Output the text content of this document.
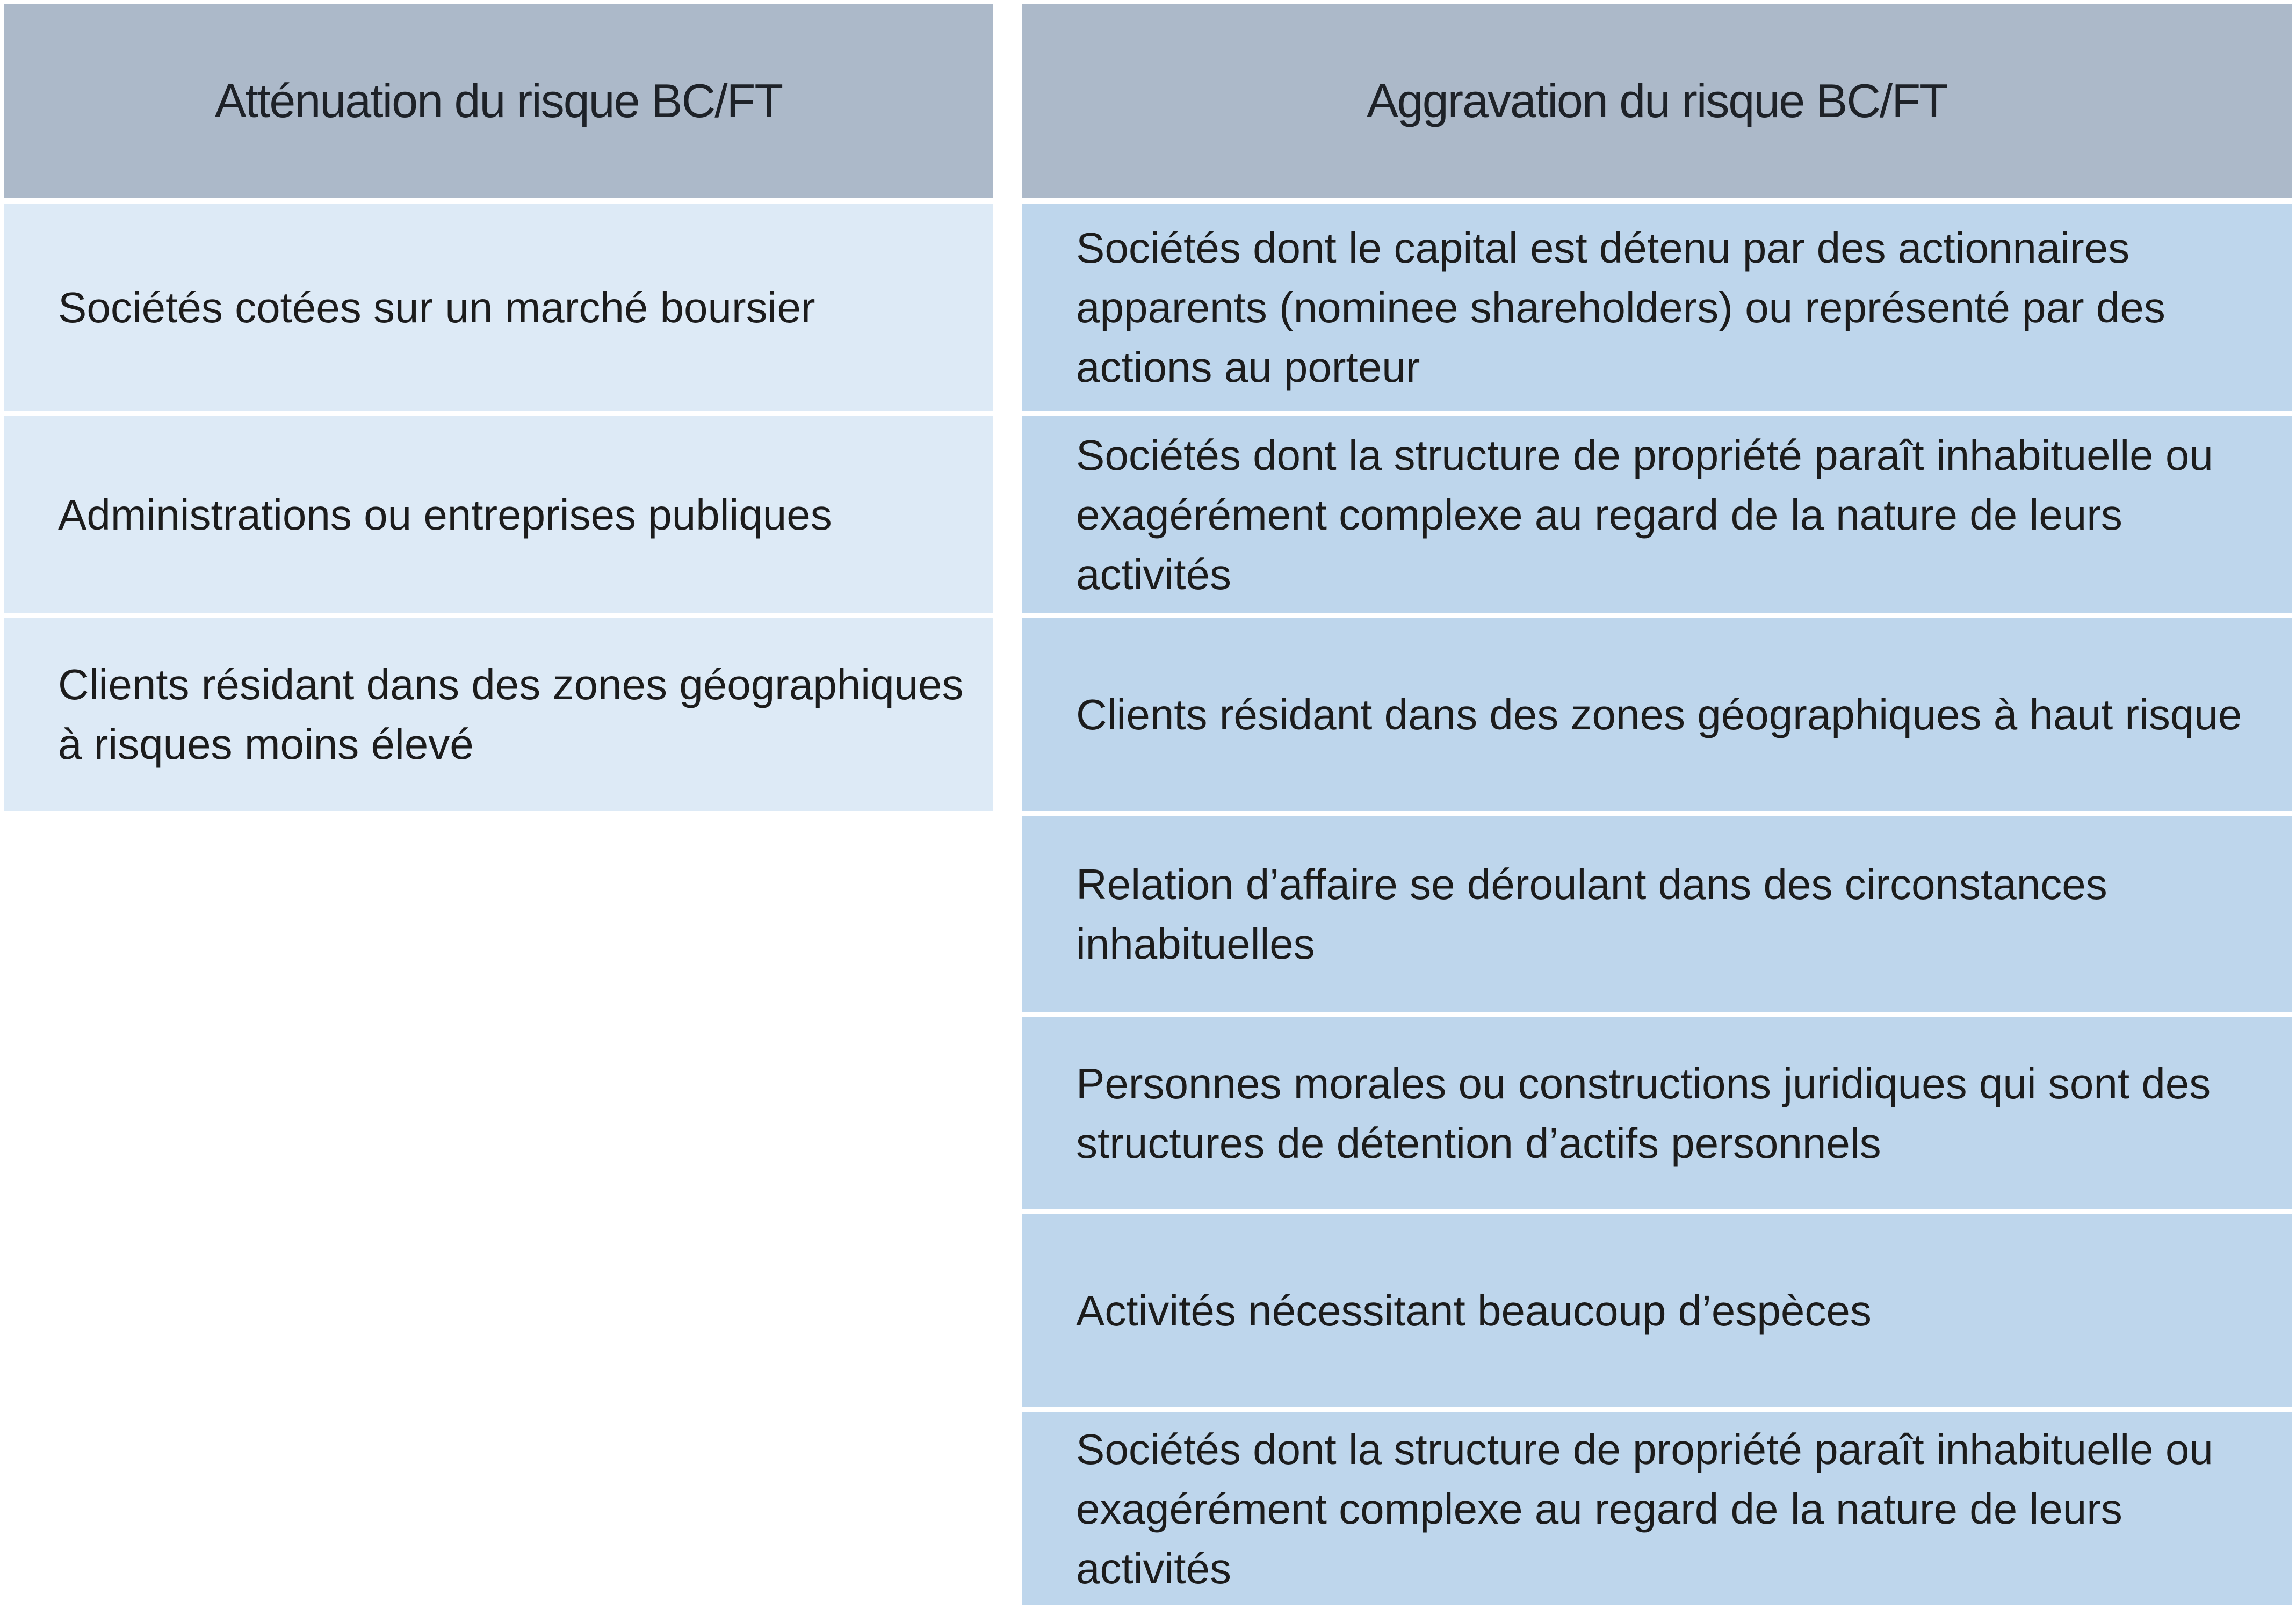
Atténuation du risque BC/FT
Sociétés cotées sur un marché boursier
Administrations ou entreprises publiques
Clients résidant dans des zones géographiques à risques moins élevé
Aggravation du risque BC/FT
Sociétés dont le capital est détenu par des actionnaires apparents (nominee shareholders) ou représenté par des actions au porteur
Sociétés dont la structure de propriété paraît inhabituelle ou exagérément complexe au regard de la nature de leurs activités
Clients résidant dans des zones géographiques à haut risque
Relation d’affaire se déroulant dans des circonstances inhabituelles
Personnes morales ou constructions juridiques qui sont des structures de détention d’actifs personnels
Activités nécessitant beaucoup d’espèces
Sociétés dont la structure de propriété paraît inhabituelle ou exagérément complexe au regard de la nature de leurs activités
